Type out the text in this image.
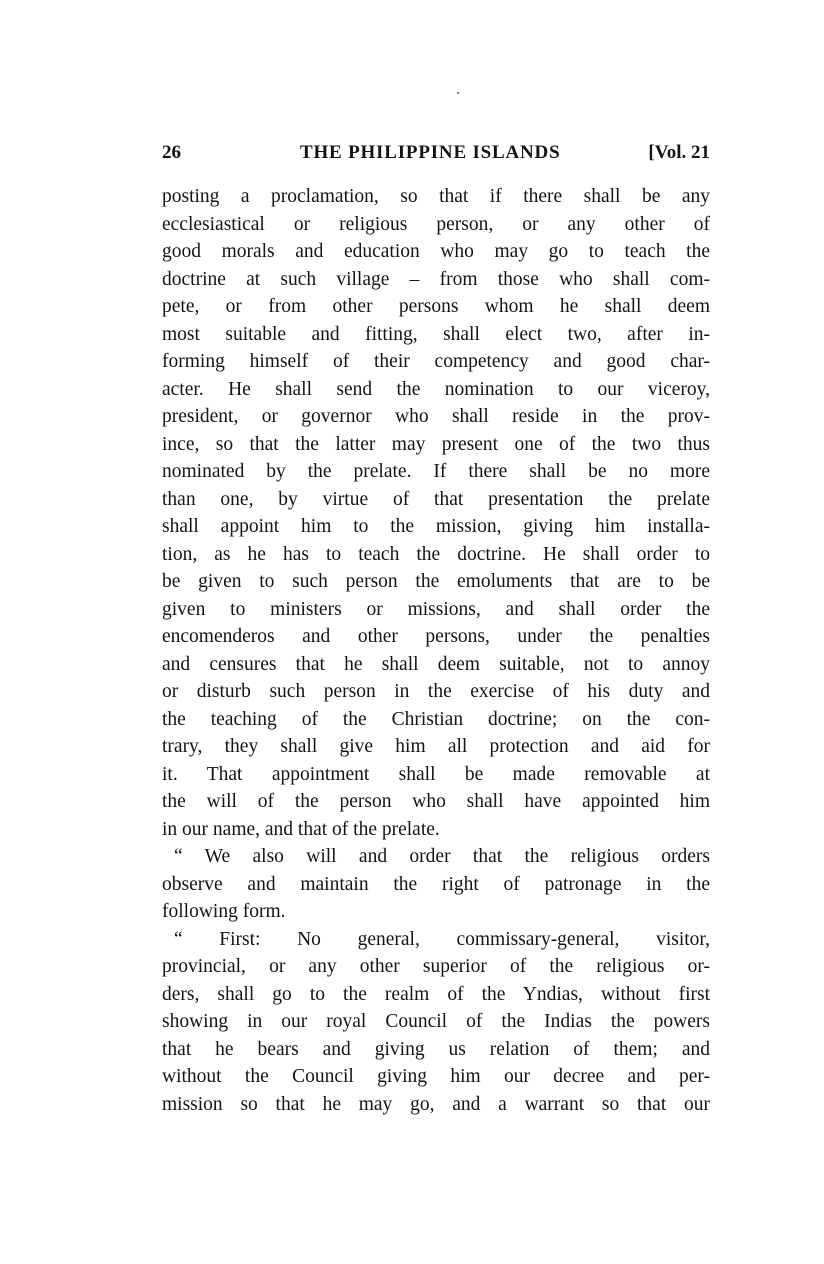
26	THE PHILIPPINE ISLANDS	[Vol. 21
posting a proclamation, so that if there shall be any
ecclesiastical or religious person, or any other of
good morals and education who may go to teach the
doctrine at such village – from those who shall com-
pete, or from other persons whom he shall deem
most suitable and fitting, shall elect two, after in-
forming himself of their competency and good char-
acter. He shall send the nomination to our viceroy,
president, or governor who shall reside in the prov-
ince, so that the latter may present one of the two thus
nominated by the prelate. If there shall be no more
than one, by virtue of that presentation the prelate
shall appoint him to the mission, giving him installa-
tion, as he has to teach the doctrine. He shall order to
be given to such person the emoluments that are to be
given to ministers or missions, and shall order the
encomenderos and other persons, under the penalties
and censures that he shall deem suitable, not to annoy
or disturb such person in the exercise of his duty and
the teaching of the Christian doctrine; on the con-
trary, they shall give him all protection and aid for
it. That appointment shall be made removable at
the will of the person who shall have appointed him
in our name, and that of the prelate.
“ We also will and order that the religious orders
observe and maintain the right of patronage in the
following form.
“ First: No general, commissary-general, visitor,
provincial, or any other superior of the religious or-
ders, shall go to the realm of the Yndias, without first
showing in our royal Council of the Indias the powers
that he bears and giving us relation of them; and
without the Council giving him our decree and per-
mission so that he may go, and a warrant so that our
